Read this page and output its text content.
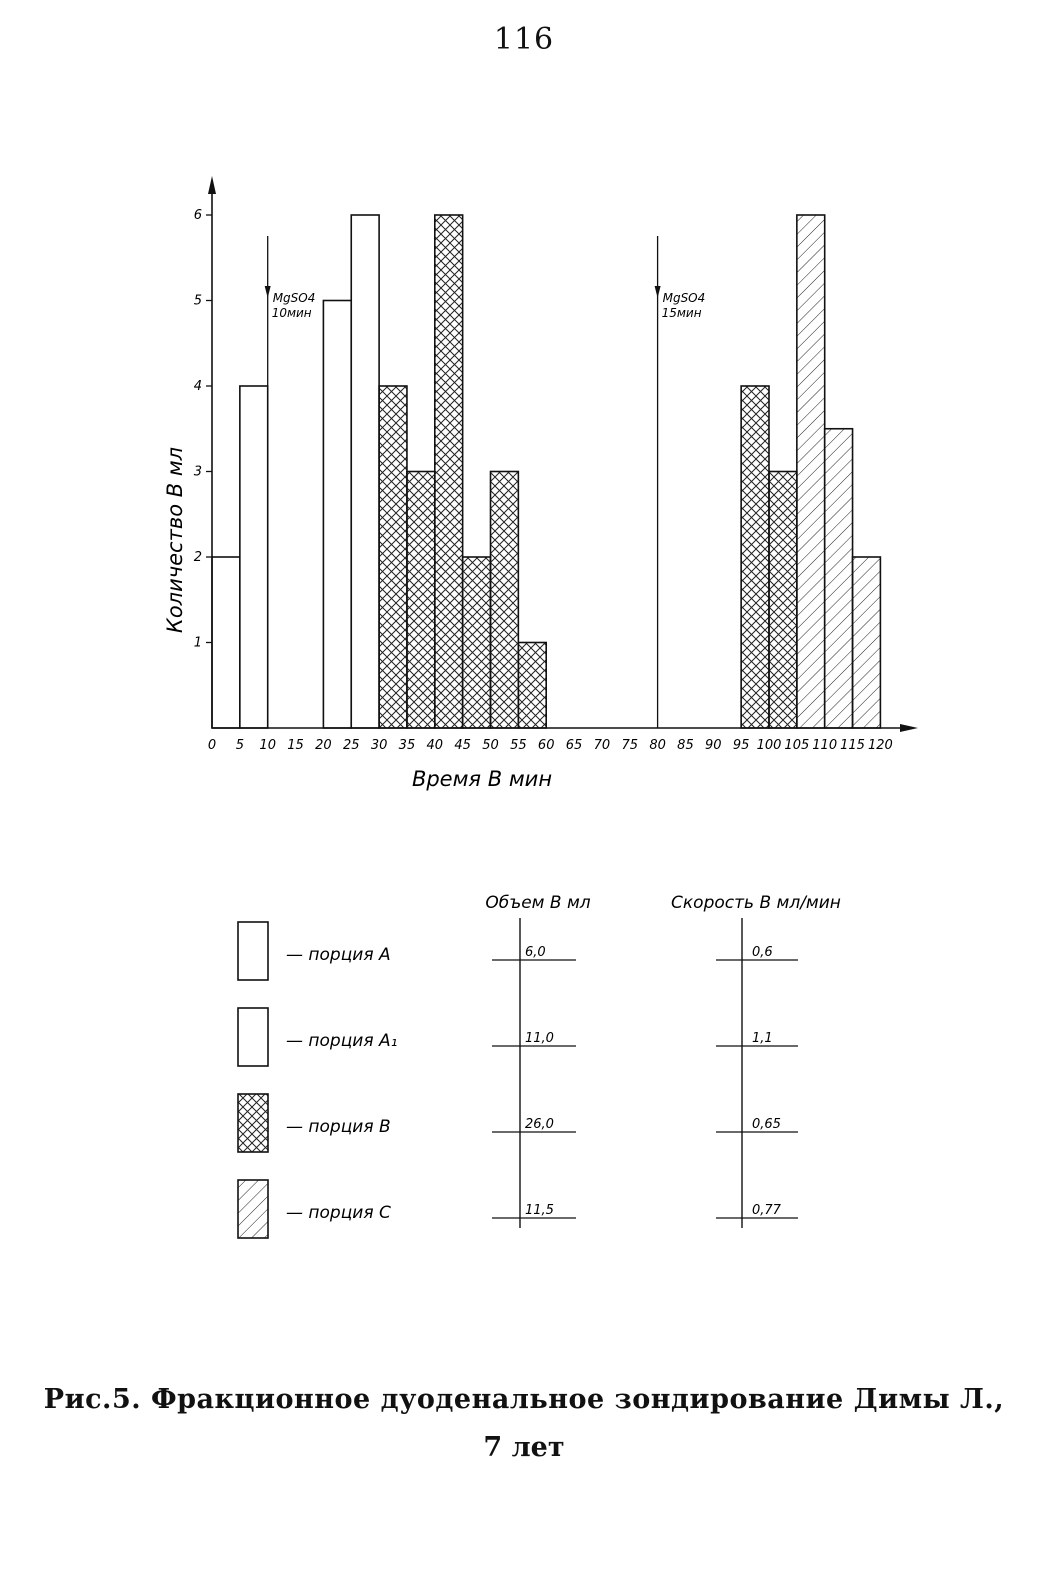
116
0 5 10 15 20 25 30 35 40 45 50 55 60 65 70 75 80 85 90 95 100 105 110 115 120
1
2
3
4
5
6
MgSO4
10мин
MgSO4
15мин
Количество В мл
Время В мин
Объем В мл	Скорость В мл/мин
— порция А	6,0	0,6
— порция А₁	11,0	1,1
— порция В	26,0	0,65
— порция С	11,5	0,77
Рис.5. Фракционное дуоденальное зондирование Димы Л.,
7 лет
